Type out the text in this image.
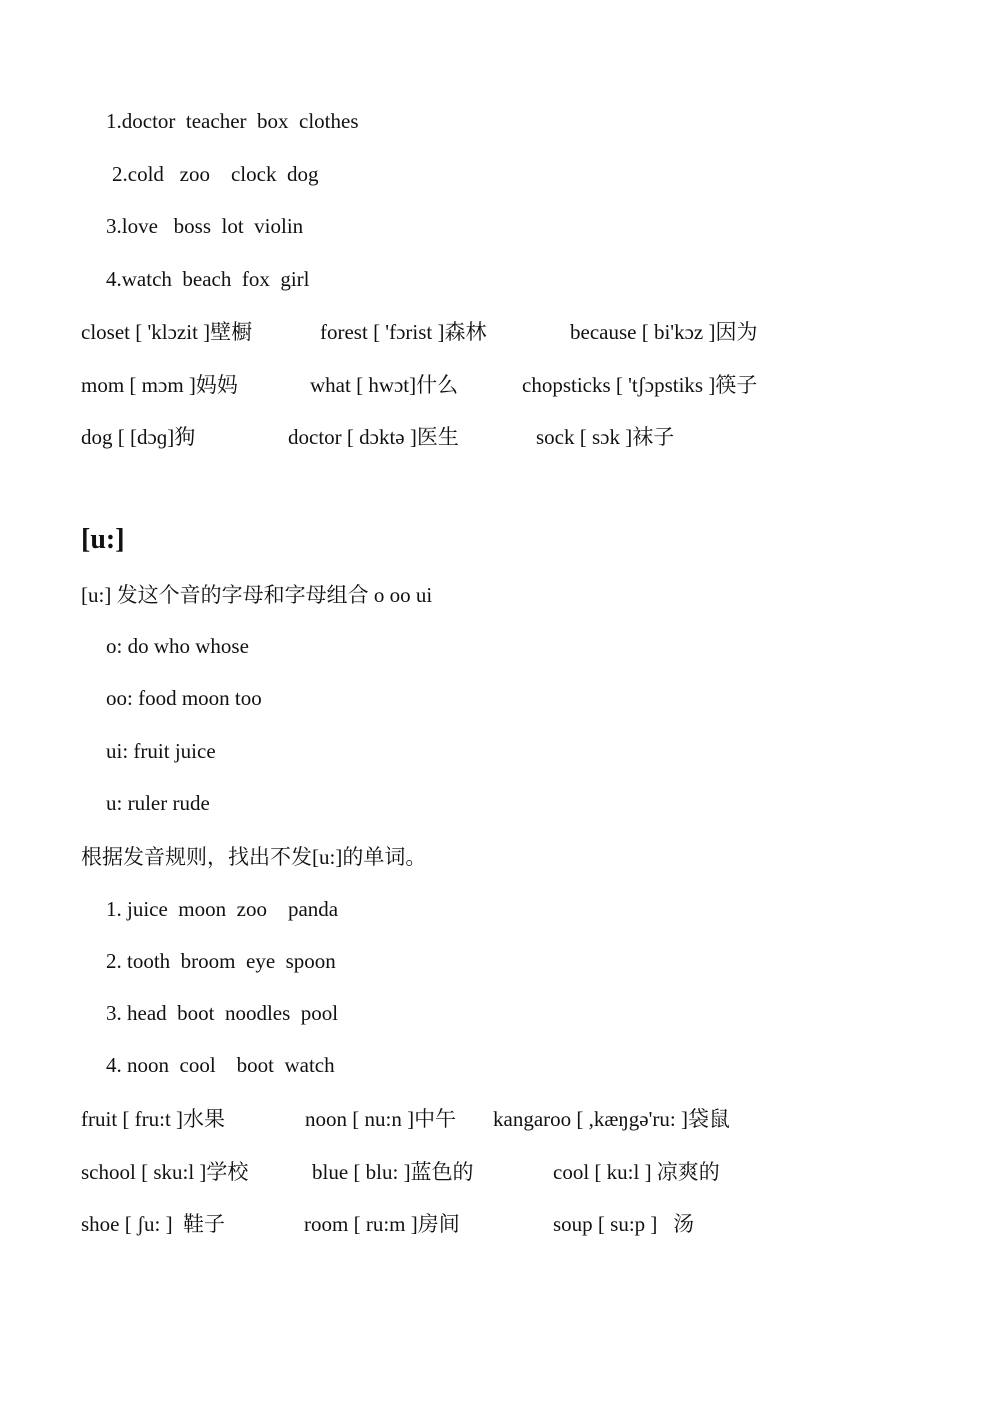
1.doctor  teacher  box  clothes
2.cold   zoo    clock  dog
3.love   boss  lot  violin
4.watch  beach  fox  girl
closet [ 'klɔzit ]壁橱	forest [ 'fɔrist ]森林	because [ bi'kɔz ]因为
mom [ mɔm ]妈妈	what [ hwɔt]什么	chopsticks [ 'tʃɔpstiks ]筷子
dog [ [dɔɡ]狗	doctor [ dɔktə ]医生	sock [ sɔk ]袜子
[u:]
[u:] 发这个音的字母和字母组合 o oo ui
o: do who whose
oo: food moon too
ui: fruit juice
u: ruler rude
根据发音规则，找出不发[u:]的单词。
1. juice  moon  zoo    panda
2. tooth  broom  eye  spoon
3. head  boot  noodles  pool
4. noon  cool    boot  watch
fruit [ fru:t ]水果	noon [ nu:n ]中午 kangaroo [ ,kæŋgə'ru: ]袋鼠
school [ sku:l ]学校	blue [ blu: ]蓝色的	cool [ ku:l ] 凉爽的
shoe [ ʃu: ]  鞋子	room [ ru:m ]房间	soup [ su:p ]   汤
